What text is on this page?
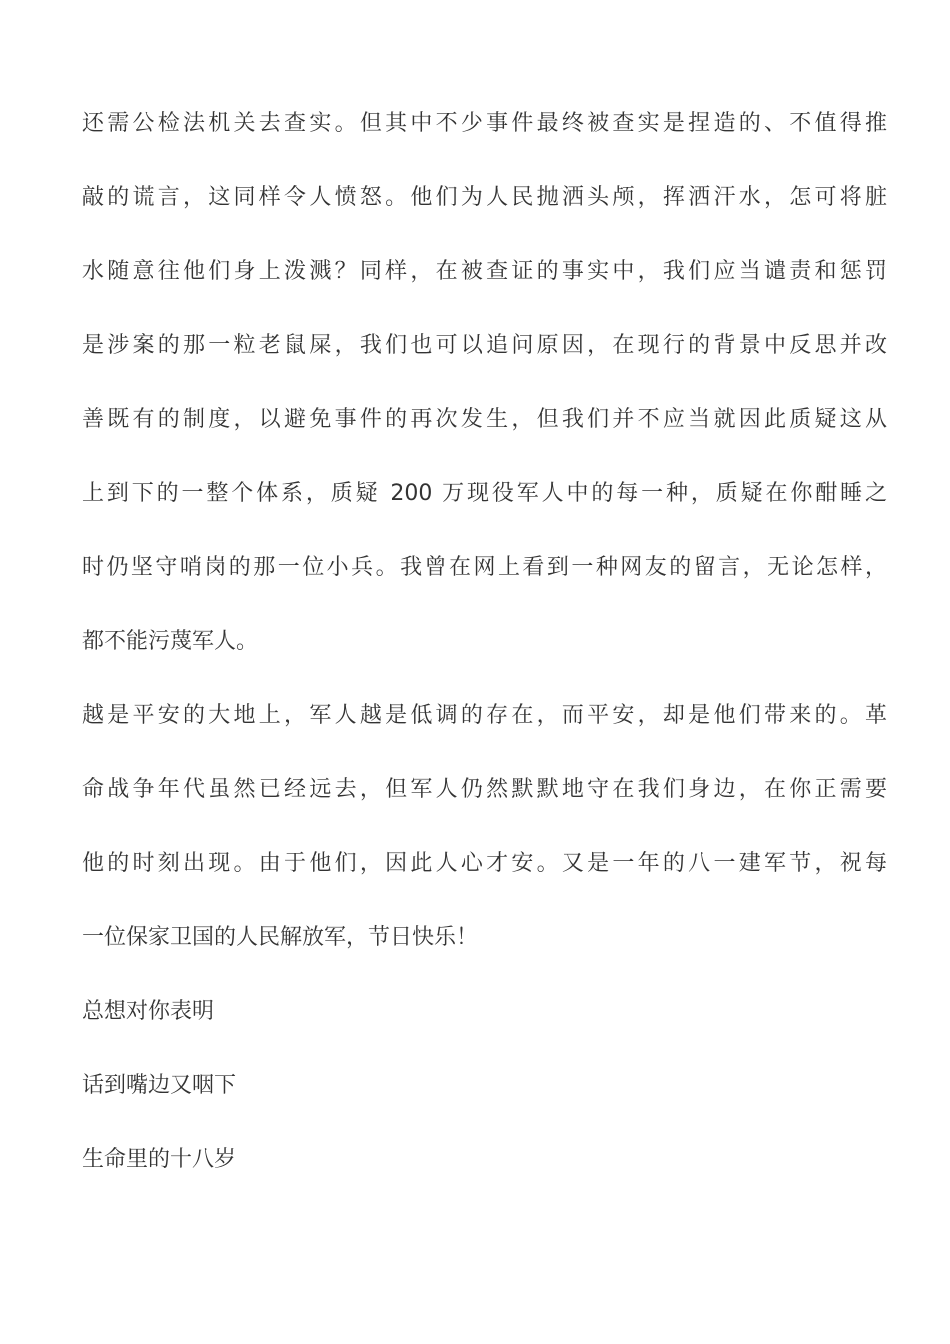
还需公检法机关去查实。但其中不少事件最终被查实是捏造的、不值得推
敲的谎言，这同样令人愤怒。他们为人民抛洒头颅，挥洒汗水，怎可将脏
水随意往他们身上泼溅？同样，在被查证的事实中，我们应当谴责和惩罚
是涉案的那一粒老鼠屎，我们也可以追问原因，在现行的背景中反思并改
善既有的制度，以避免事件的再次发生，但我们并不应当就因此质疑这从
上到下的一整个体系，质疑 200 万现役军人中的每一种，质疑在你酣睡之
时仍坚守哨岗的那一位小兵。我曾在网上看到一种网友的留言，无论怎样，
都不能污蔑军人。
越是平安的大地上，军人越是低调的存在，而平安，却是他们带来的。革
命战争年代虽然已经远去，但军人仍然默默地守在我们身边，在你正需要
他的时刻出现。由于他们，因此人心才安。又是一年的八一建军节，祝每
一位保家卫国的人民解放军，节日快乐！
总想对你表明
话到嘴边又咽下
生命里的十八岁
